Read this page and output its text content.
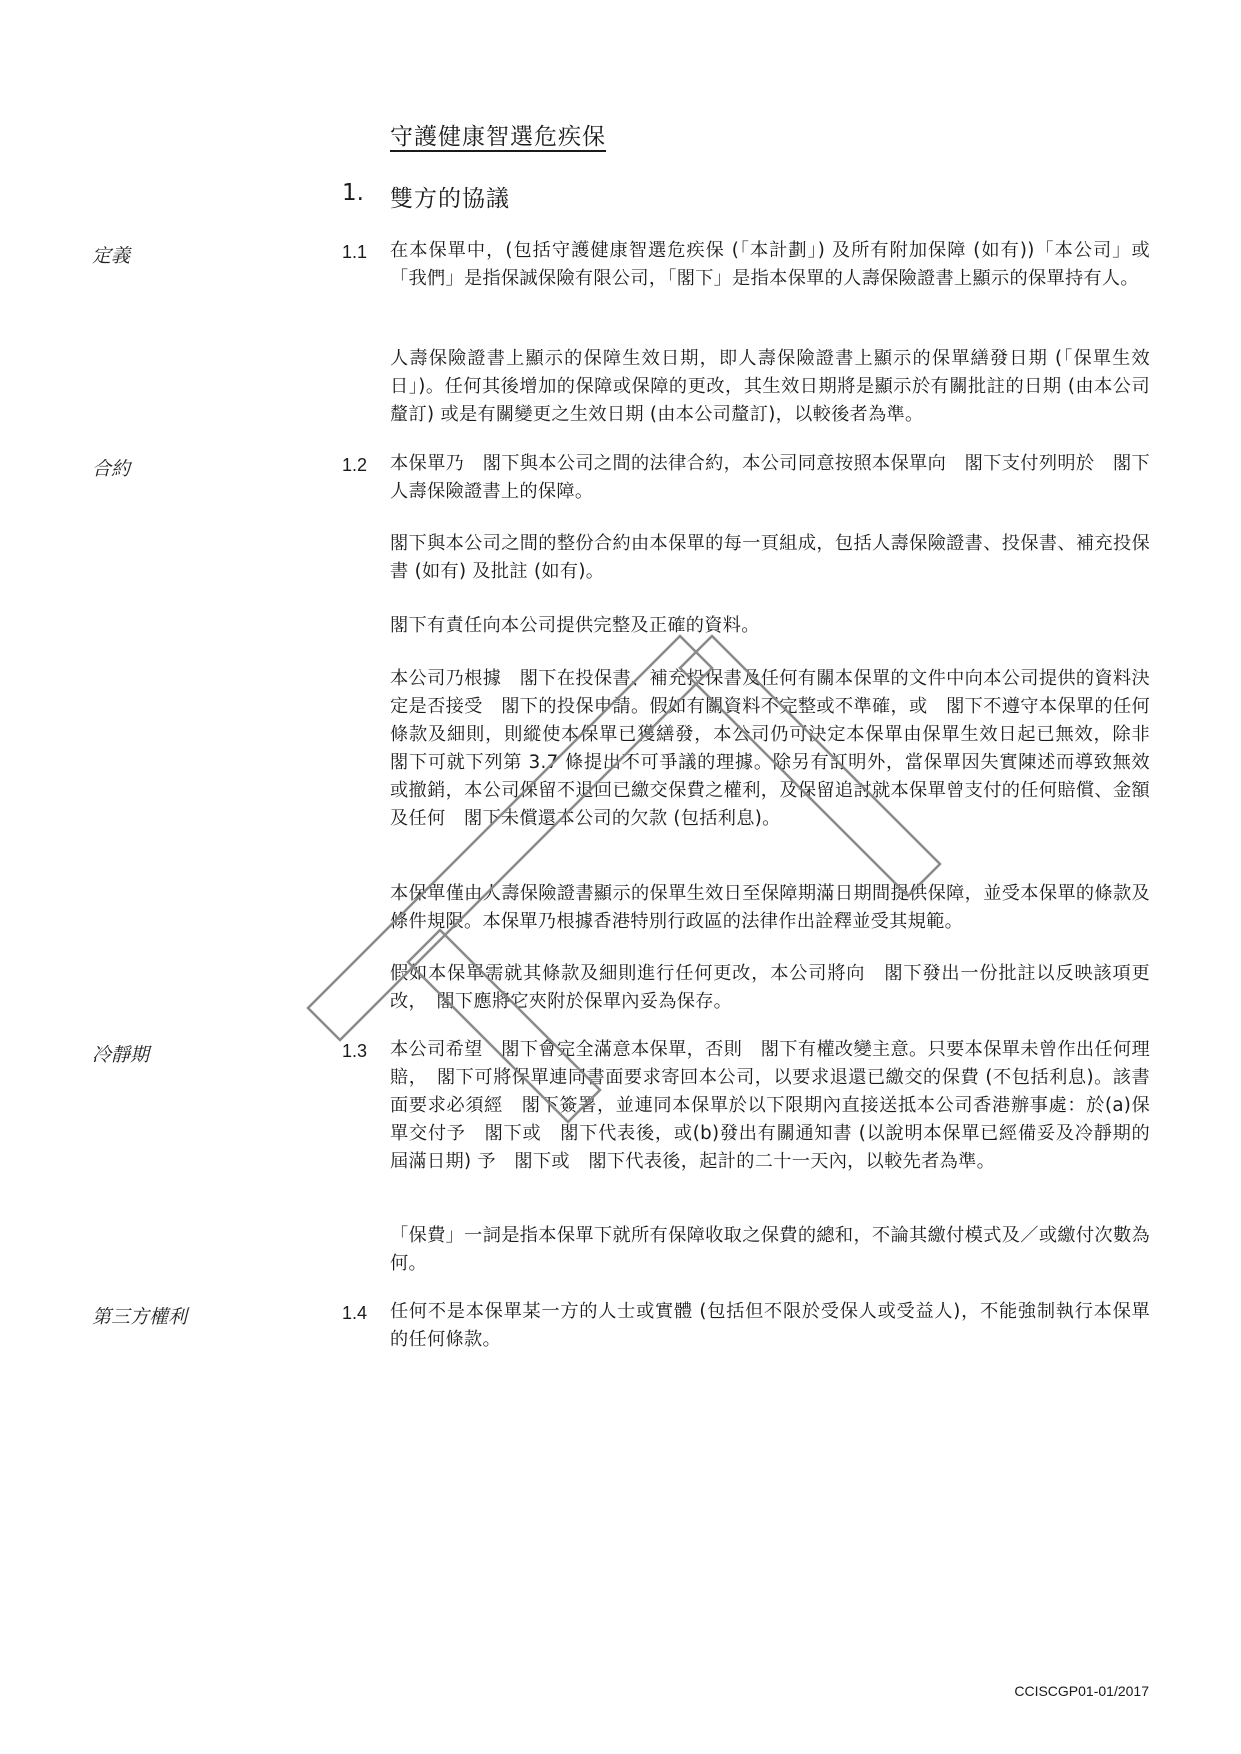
守護健康智選危疾保
1. 雙方的協議
定義	1.1 在本保單中，(包括守護健康智選危疾保 (「本計劃」) 及所有附加保障 (如有))「本公司」或「我們」是指保誠保險有限公司，「閣下」是指本保單的人壽保險證書上顯示的保單持有人。
人壽保險證書上顯示的保障生效日期，即人壽保險證書上顯示的保單繕發日期 (「保單生效日」)。任何其後增加的保障或保障的更改，其生效日期將是顯示於有關批註的日期 (由本公司釐訂) 或是有關變更之生效日期 (由本公司釐訂)，以較後者為準。
合約	1.2 本保單乃　閣下與本公司之間的法律合約，本公司同意按照本保單向　閣下支付列明於　閣下人壽保險證書上的保障。
閣下與本公司之間的整份合約由本保單的每一頁組成，包括人壽保險證書、投保書、補充投保書 (如有) 及批註 (如有)。
閣下有責任向本公司提供完整及正確的資料。
本公司乃根據　閣下在投保書、補充投保書及任何有關本保單的文件中向本公司提供的資料決定是否接受　閣下的投保申請。假如有關資料不完整或不準確，或　閣下不遵守本保單的任何條款及細則，則縱使本保單已獲繕發，本公司仍可決定本保單由保單生效日起已無效，除非　閣下可就下列第 3.7 條提出不可爭議的理據。除另有訂明外，當保單因失實陳述而導致無效或撤銷，本公司保留不退回已繳交保費之權利，及保留追討就本保單曾支付的任何賠償、金額及任何　閣下未償還本公司的欠款 (包括利息)。
本保單僅由人壽保險證書顯示的保單生效日至保障期滿日期間提供保障，並受本保單的條款及條件規限。本保單乃根據香港特別行政區的法律作出詮釋並受其規範。
假如本保單需就其條款及細則進行任何更改，本公司將向　閣下發出一份批註以反映該項更改，　閣下應將它夾附於保單內妥為保存。
冷靜期	1.3 本公司希望　閣下會完全滿意本保單，否則　閣下有權改變主意。只要本保單未曾作出任何理賠，　閣下可將保單連同書面要求寄回本公司，以要求退還已繳交的保費 (不包括利息)。該書面要求必須經　閣下簽署，並連同本保單於以下限期內直接送抵本公司香港辦事處：於(a)保單交付予　閣下或　閣下代表後，或(b)發出有關通知書 (以說明本保單已經備妥及冷靜期的屆滿日期) 予　閣下或　閣下代表後，起計的二十一天內，以較先者為準。
「保費」一詞是指本保單下就所有保障收取之保費的總和，不論其繳付模式及／或繳付次數為何。
第三方權利	1.4 任何不是本保單某一方的人士或實體 (包括但不限於受保人或受益人)，不能強制執行本保單的任何條款。
CCISCGP01-01/2017
